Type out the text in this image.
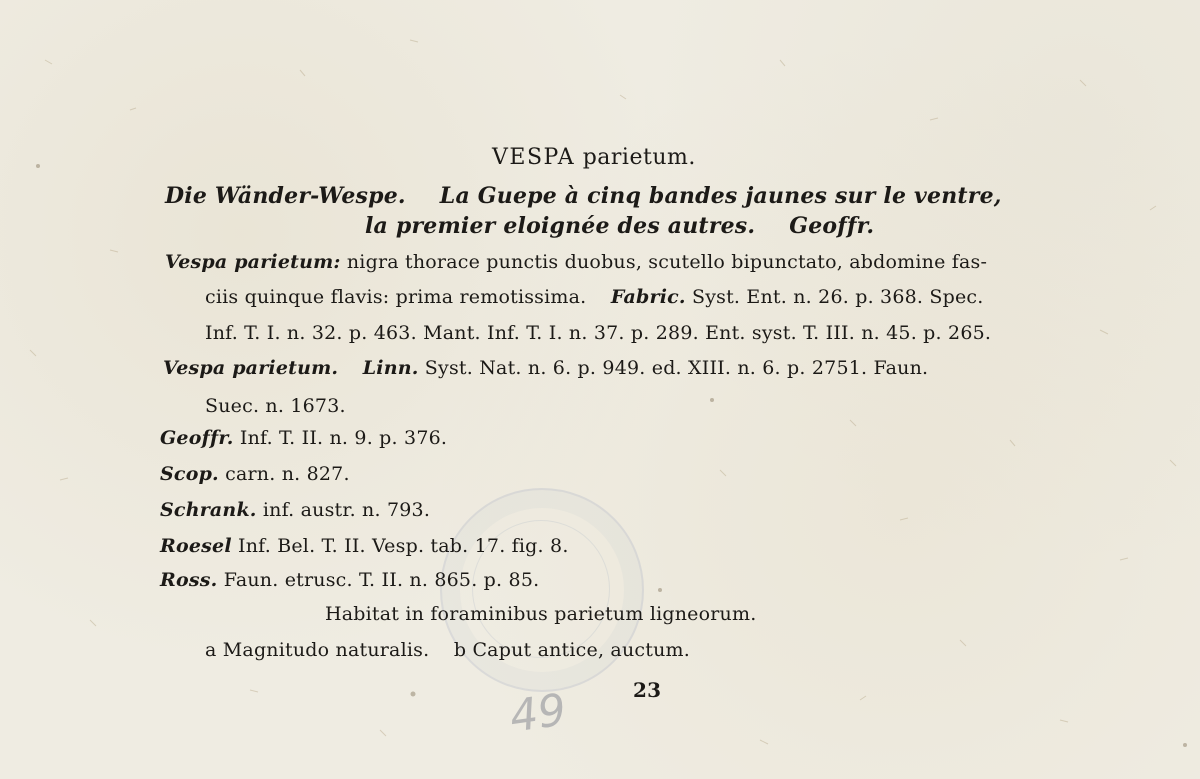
VESPA parietum.
Die Wänder-Wespe. La Guepe à cinq bandes jaunes sur le ventre,
la premier eloignée des autres. Geoffr.
Vespa parietum: nigra thorace punctis duobus, scutello bipunctato, abdomine fas-
ciis quinque flavis: prima remotissima. Fabric. Syst. Ent. n. 26. p. 368. Spec.
Inf. T. I. n. 32. p. 463. Mant. Inf. T. I. n. 37. p. 289. Ent. syst. T. III. n. 45. p. 265.
Vespa parietum. Linn. Syst. Nat. n. 6. p. 949. ed. XIII. n. 6. p. 2751. Faun.
Suec. n. 1673.
Geoffr. Inf. T. II. n. 9. p. 376.
Scop. carn. n. 827.
Schrank. inf. austr. n. 793.
Roesel Inf. Bel. T. II. Vesp. tab. 17. fig. 8.
Ross. Faun. etrusc. T. II. n. 865. p. 85.
Habitat in foraminibus parietum ligneorum.
a Magnitudo naturalis. b Caput antice, auctum.
23
49
